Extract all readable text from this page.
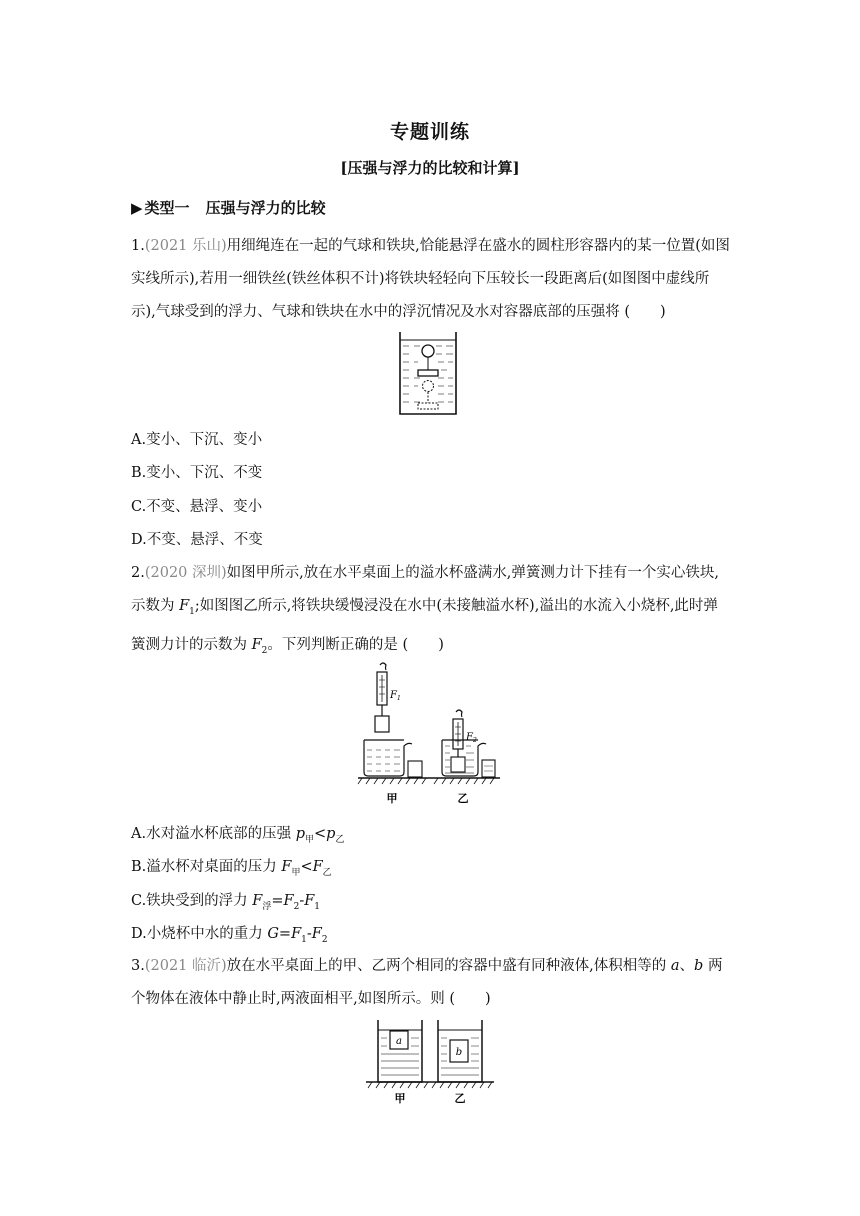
专题训练
[压强与浮力的比较和计算]
▶ 类型一 压强与浮力的比较
1.(2021 乐山)用细绳连在一起的气球和铁块,恰能悬浮在盛水的圆柱形容器内的某一位置(如图实线所示),若用一细铁丝(铁丝体积不计)将铁块轻轻向下压较长一段距离后(如图图中虚线所示),气球受到的浮力、气球和铁块在水中的浮沉情况及水对容器底部的压强将 ( )
A.变小、下沉、变小
B.变小、下沉、不变
C.不变、悬浮、变小
D.不变、悬浮、不变
2.(2020 深圳)如图甲所示,放在水平桌面上的溢水杯盛满水,弹簧测力计下挂有一个实心铁块,示数为 $F_1$;如图图乙所示,将铁块缓慢浸没在水中(未接触溢水杯),溢出的水流入小烧杯,此时弹簧测力计的示数为 $F_2$。下列判断正确的是 ( )
$F_1$
$F_2$
甲	乙
A.水对溢水杯底部的压强 $p_甲<p_乙$
B.溢水杯对桌面的压力 $F_甲<F_乙$
C.铁块受到的浮力 $F_浮=F_2-F_1$
D.小烧杯中水的重力 $G=F_1-F_2$
3.(2021 临沂)放在水平桌面上的甲、乙两个相同的容器中盛有同种液体,体积相等的 a、b 两个物体在液体中静止时,两液面相平,如图所示。则 ( )
a
b
甲	乙
